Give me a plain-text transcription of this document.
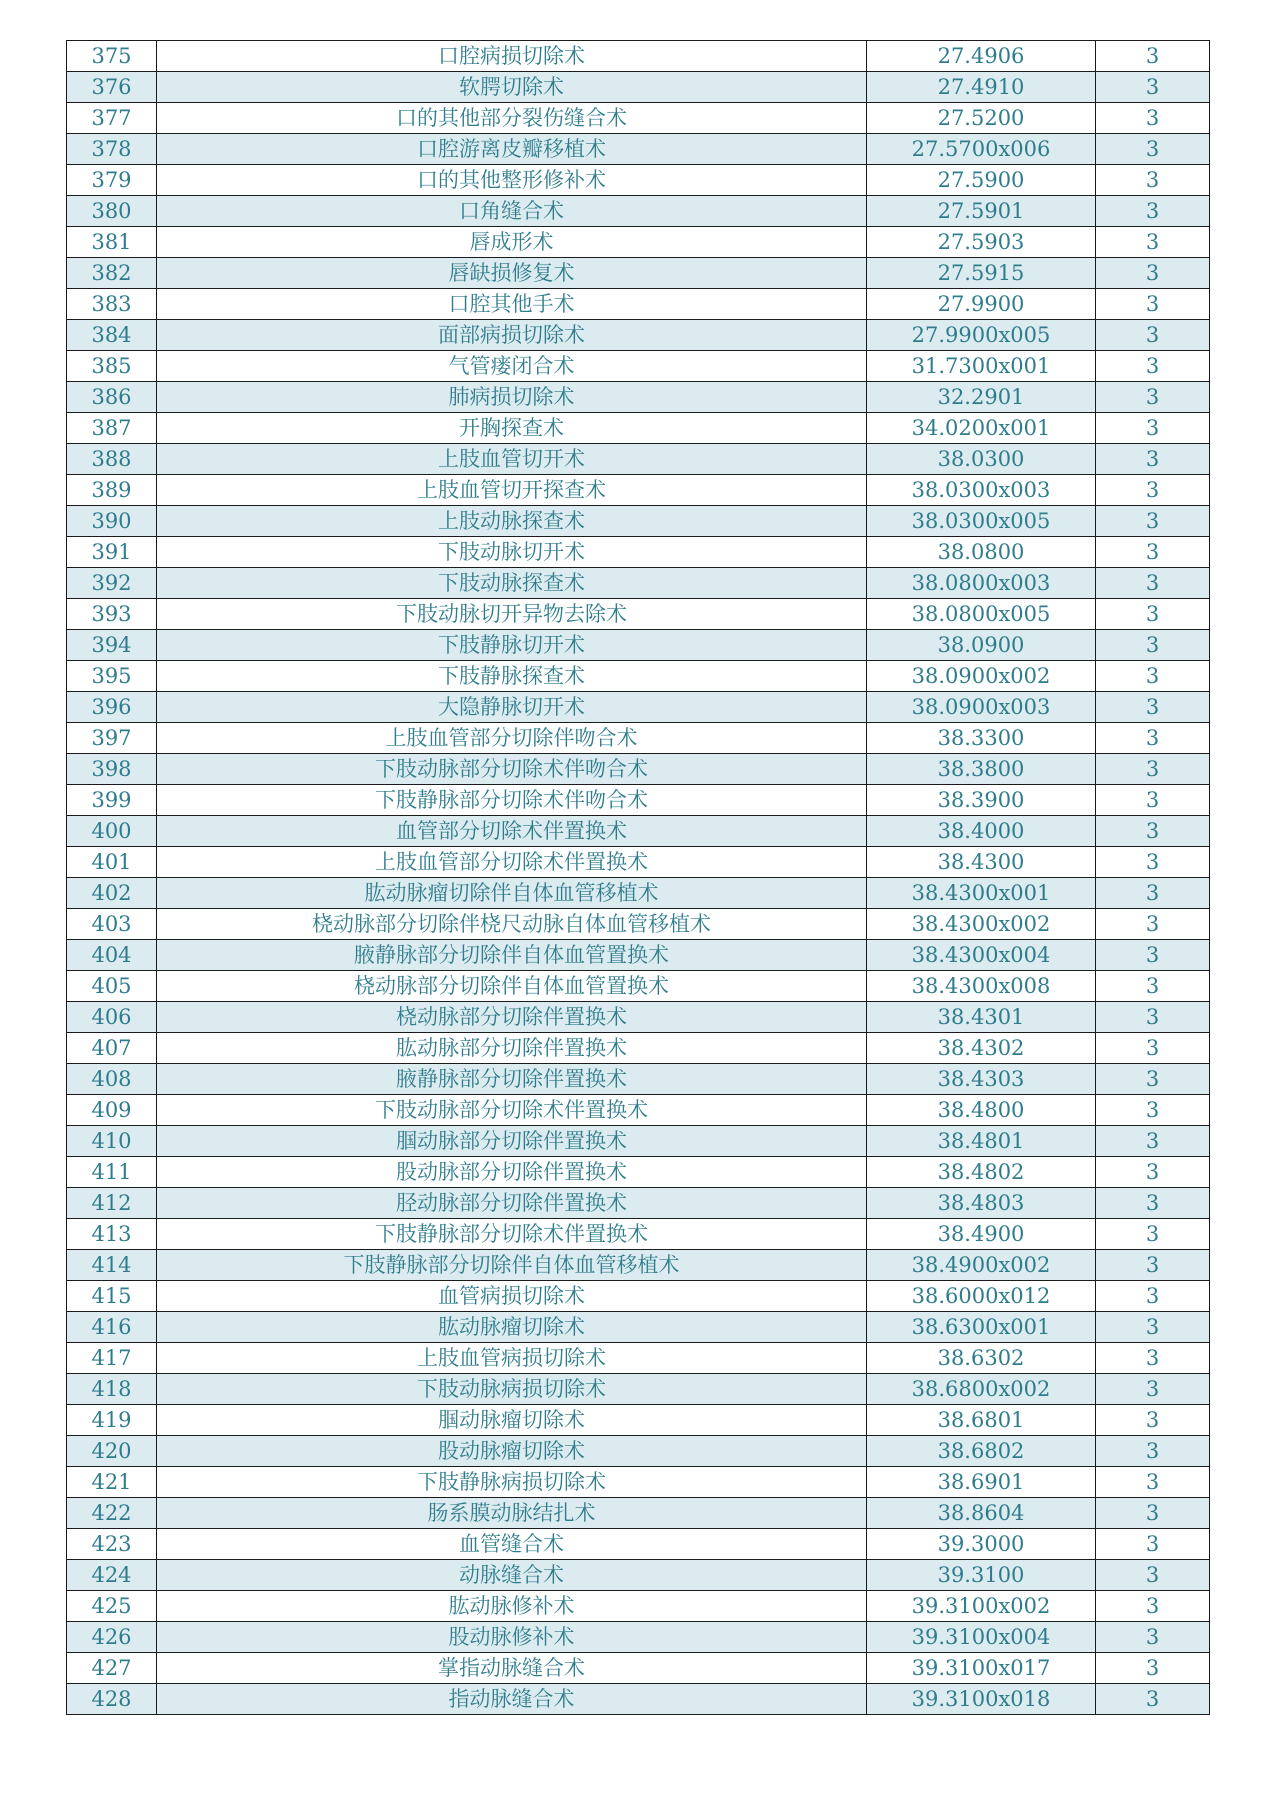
375	口腔病损切除术	27.4906	3
376	软腭切除术	27.4910	3
377	口的其他部分裂伤缝合术	27.5200	3
378	口腔游离皮瓣移植术	27.5700x006	3
379	口的其他整形修补术	27.5900	3
380	口角缝合术	27.5901	3
381	唇成形术	27.5903	3
382	唇缺损修复术	27.5915	3
383	口腔其他手术	27.9900	3
384	面部病损切除术	27.9900x005	3
385	气管瘘闭合术	31.7300x001	3
386	肺病损切除术	32.2901	3
387	开胸探查术	34.0200x001	3
388	上肢血管切开术	38.0300	3
389	上肢血管切开探查术	38.0300x003	3
390	上肢动脉探查术	38.0300x005	3
391	下肢动脉切开术	38.0800	3
392	下肢动脉探查术	38.0800x003	3
393	下肢动脉切开异物去除术	38.0800x005	3
394	下肢静脉切开术	38.0900	3
395	下肢静脉探查术	38.0900x002	3
396	大隐静脉切开术	38.0900x003	3
397	上肢血管部分切除伴吻合术	38.3300	3
398	下肢动脉部分切除术伴吻合术	38.3800	3
399	下肢静脉部分切除术伴吻合术	38.3900	3
400	血管部分切除术伴置换术	38.4000	3
401	上肢血管部分切除术伴置换术	38.4300	3
402	肱动脉瘤切除伴自体血管移植术	38.4300x001	3
403	桡动脉部分切除伴桡尺动脉自体血管移植术	38.4300x002	3
404	腋静脉部分切除伴自体血管置换术	38.4300x004	3
405	桡动脉部分切除伴自体血管置换术	38.4300x008	3
406	桡动脉部分切除伴置换术	38.4301	3
407	肱动脉部分切除伴置换术	38.4302	3
408	腋静脉部分切除伴置换术	38.4303	3
409	下肢动脉部分切除术伴置换术	38.4800	3
410	腘动脉部分切除伴置换术	38.4801	3
411	股动脉部分切除伴置换术	38.4802	3
412	胫动脉部分切除伴置换术	38.4803	3
413	下肢静脉部分切除术伴置换术	38.4900	3
414	下肢静脉部分切除伴自体血管移植术	38.4900x002	3
415	血管病损切除术	38.6000x012	3
416	肱动脉瘤切除术	38.6300x001	3
417	上肢血管病损切除术	38.6302	3
418	下肢动脉病损切除术	38.6800x002	3
419	腘动脉瘤切除术	38.6801	3
420	股动脉瘤切除术	38.6802	3
421	下肢静脉病损切除术	38.6901	3
422	肠系膜动脉结扎术	38.8604	3
423	血管缝合术	39.3000	3
424	动脉缝合术	39.3100	3
425	肱动脉修补术	39.3100x002	3
426	股动脉修补术	39.3100x004	3
427	掌指动脉缝合术	39.3100x017	3
428	指动脉缝合术	39.3100x018	3
